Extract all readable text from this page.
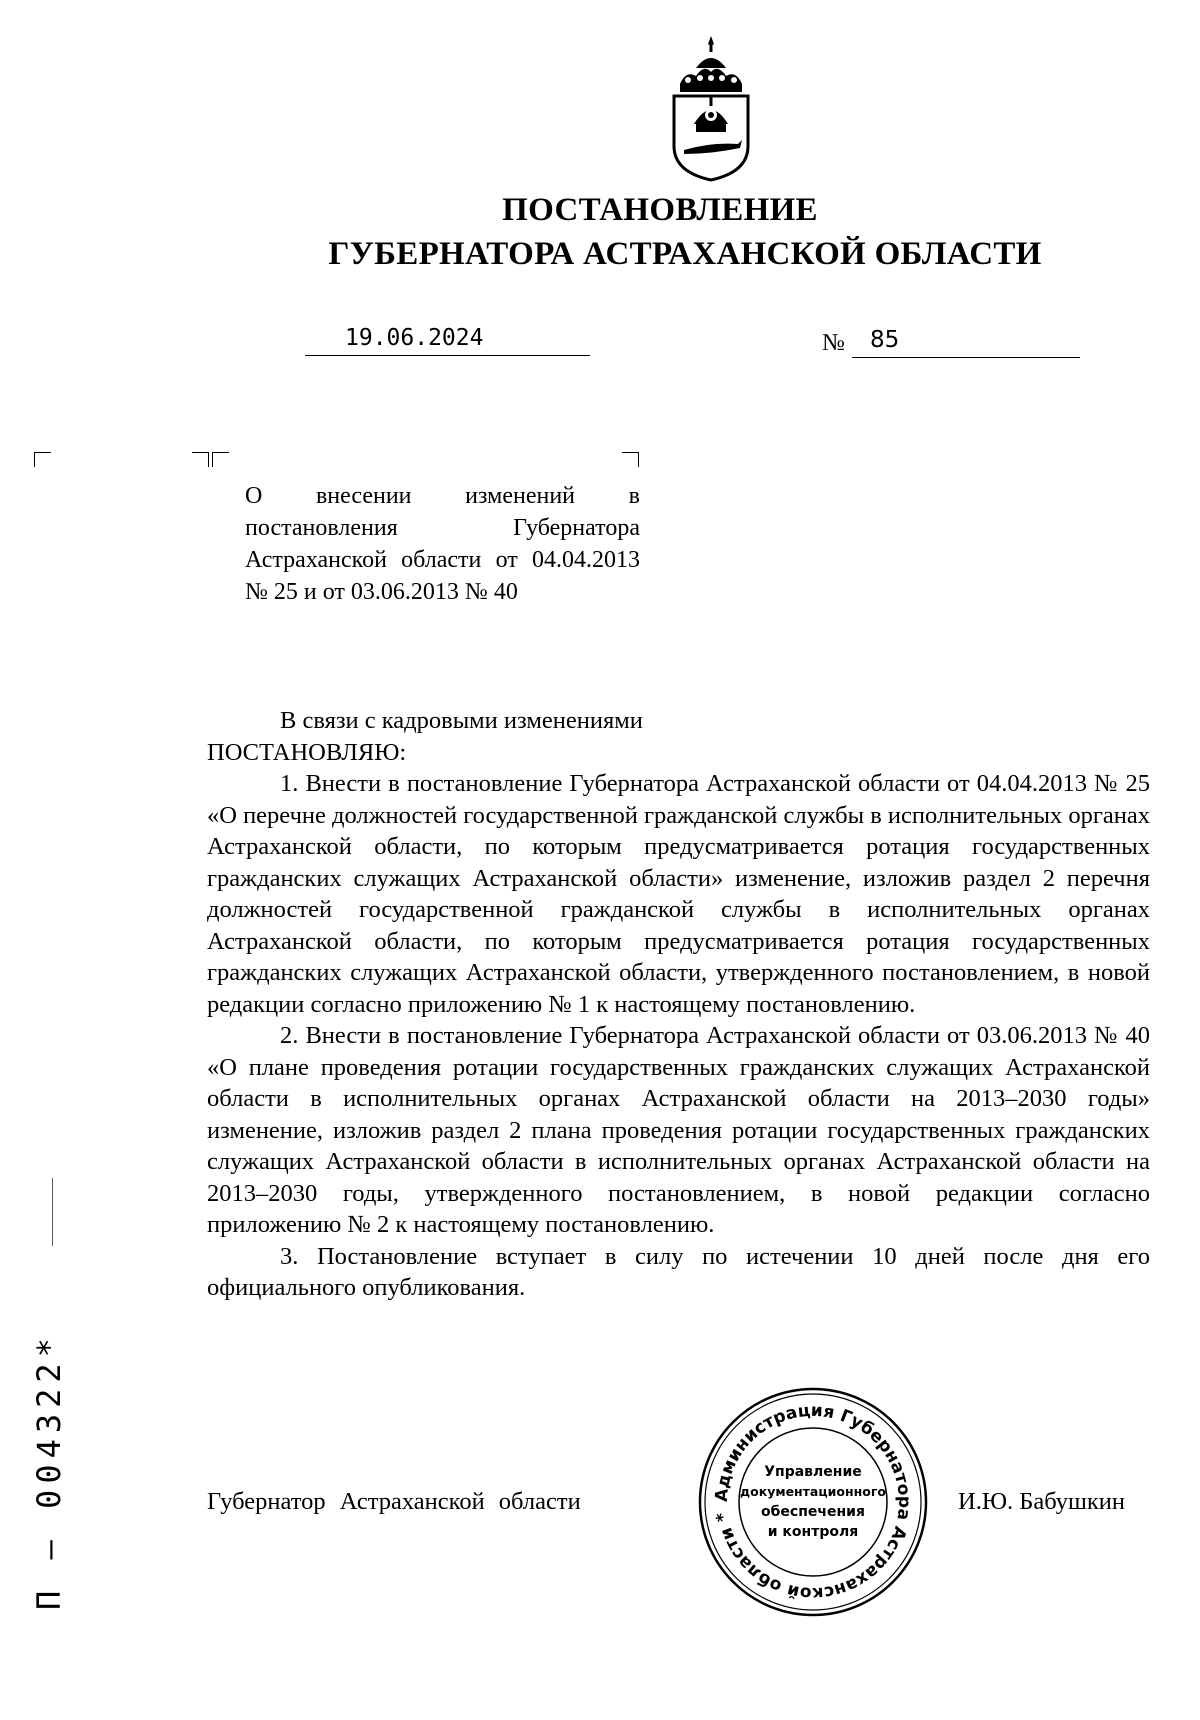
ПОСТАНОВЛЕНИЕ
ГУБЕРНАТОРА АСТРАХАНСКОЙ ОБЛАСТИ
19.06.2024	№ 85
О внесении изменений в постановления Губернатора Астраханской области от 04.04.2013 № 25 и от 03.06.2013 № 40

В связи с кадровыми изменениями

ПОСТАНОВЛЯЮ:

1. Внести в постановление Губернатора Астраханской области от 04.04.2013 № 25 «О перечне должностей государственной гражданской службы в исполнительных органах Астраханской области, по которым предусматривается ротация государственных гражданских служащих Астраханской области» изменение, изложив раздел 2 перечня должностей государственной гражданской службы в исполнительных органах Астраханской области, по которым предусматривается ротация государственных гражданских служащих Астраханской области, утвержденного постановлением, в новой редакции согласно приложению № 1 к настоящему постановлению.

2. Внести в постановление Губернатора Астраханской области от 03.06.2013 № 40 «О плане проведения ротации государственных гражданских служащих Астраханской области в исполнительных органах Астраханской области на 2013–2030 годы» изменение, изложив раздел 2 плана проведения ротации государственных гражданских служащих Астраханской области в исполнительных органах Астраханской области на 2013–2030 годы, утвержденного постановлением, в новой редакции согласно приложению № 2 к настоящему постановлению.

3. Постановление вступает в силу по истечении 10 дней после дня его официального опубликования.

Губернатор Астраханской области	И.Ю. Бабушкин
Администрация Губернатора Астраханской области *
Управление
документационного
обеспечения
и контроля
П – 004322*
